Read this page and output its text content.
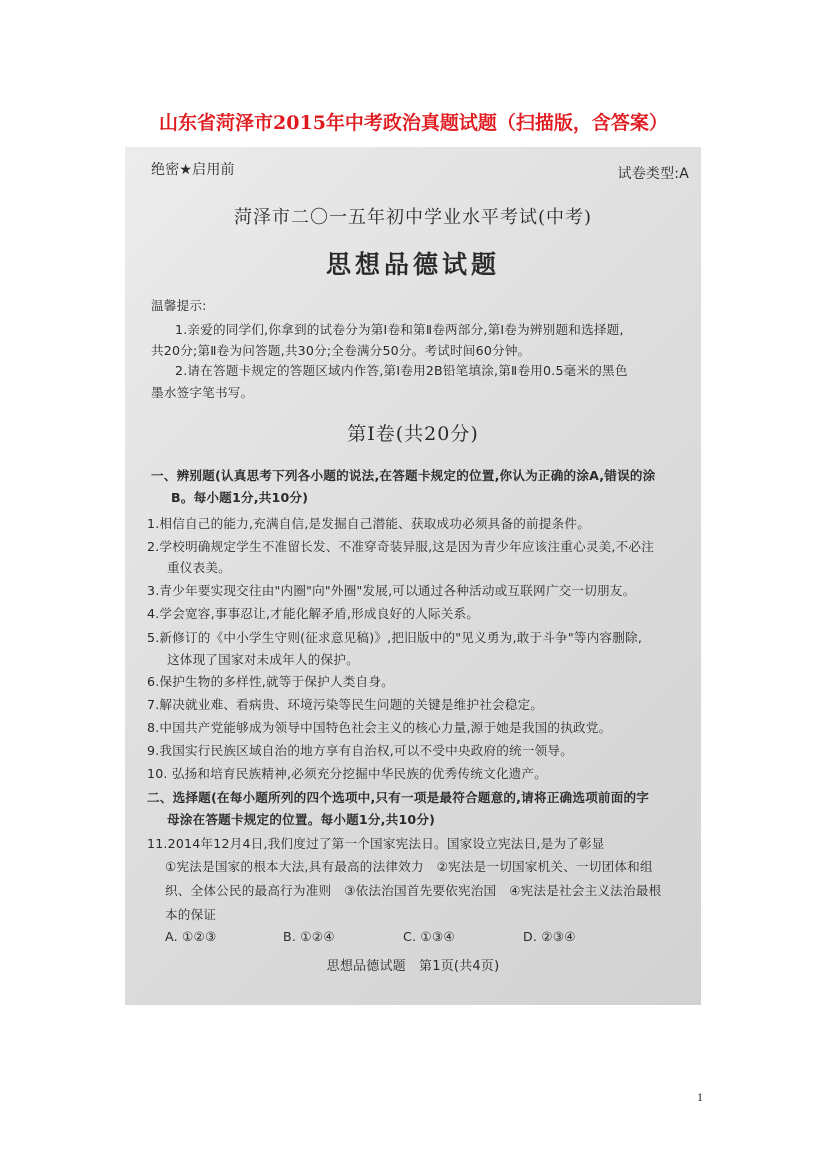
山东省菏泽市2015年中考政治真题试题（扫描版，含答案）
绝密★启用前	试卷类型:A
菏泽市二〇一五年初中学业水平考试(中考)
思想品德试题
温馨提示:
1.亲爱的同学们,你拿到的试卷分为第Ⅰ卷和第Ⅱ卷两部分,第Ⅰ卷为辨别题和选择题,
共20分;第Ⅱ卷为问答题,共30分;全卷满分50分。考试时间60分钟。
2.请在答题卡规定的答题区域内作答,第Ⅰ卷用2B铅笔填涂,第Ⅱ卷用0.5毫米的黑色
墨水签字笔书写。
第Ⅰ卷(共20分)
一、辨别题(认真思考下列各小题的说法,在答题卡规定的位置,你认为正确的涂A,错误的涂
B。每小题1分,共10分)
1.相信自己的能力,充满自信,是发掘自己潜能、获取成功必须具备的前提条件。
2.学校明确规定学生不准留长发、不准穿奇装异服,这是因为青少年应该注重心灵美,不必注
重仪表美。
3.青少年要实现交往由"内圈"向"外圈"发展,可以通过各种活动或互联网广交一切朋友。
4.学会宽容,事事忍让,才能化解矛盾,形成良好的人际关系。
5.新修订的《中小学生守则(征求意见稿)》,把旧版中的"见义勇为,敢于斗争"等内容删除,
这体现了国家对未成年人的保护。
6.保护生物的多样性,就等于保护人类自身。
7.解决就业难、看病贵、环境污染等民生问题的关键是维护社会稳定。
8.中国共产党能够成为领导中国特色社会主义的核心力量,源于她是我国的执政党。
9.我国实行民族区域自治的地方享有自治权,可以不受中央政府的统一领导。
10. 弘扬和培育民族精神,必须充分挖掘中华民族的优秀传统文化遗产。
二、选择题(在每小题所列的四个选项中,只有一项是最符合题意的,请将正确选项前面的字
母涂在答题卡规定的位置。每小题1分,共10分)
11.2014年12月4日,我们度过了第一个国家宪法日。国家设立宪法日,是为了彰显
①宪法是国家的根本大法,具有最高的法律效力　②宪法是一切国家机关、一切团体和组
织、全体公民的最高行为准则　③依法治国首先要依宪治国　④宪法是社会主义法治最根
本的保证
A. ①②③	B. ①②④	C. ①③④	D. ②③④
思想品德试题　第1页(共4页)
1
